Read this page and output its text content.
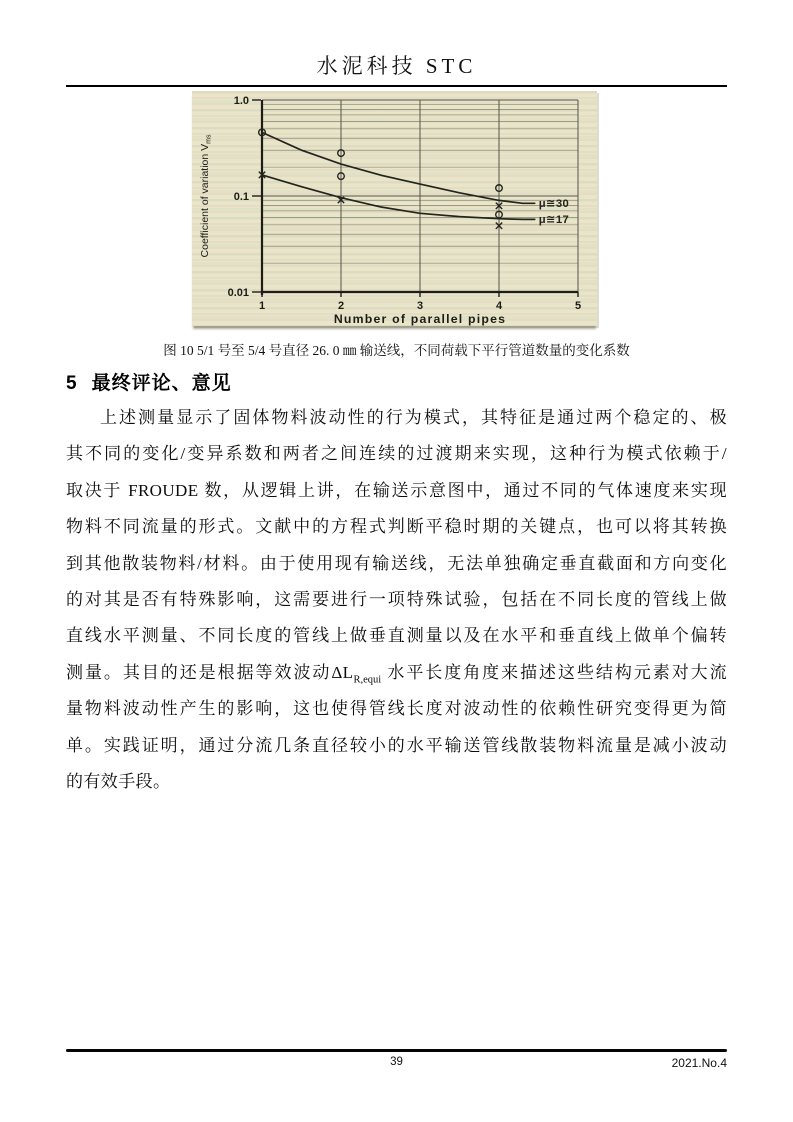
水泥科技 STC
1	2	3	4	5
1.0
0.1
0.01
Coefficient of variation $V_{ms}$
Number of parallel pipes
μ≅30
μ≅17
图 10 5/1 号至 5/4 号直径 26. 0 ㎜ 输送线，不同荷载下平行管道数量的变化系数
5 最终评论、意见
上述测量显示了固体物料波动性的行为模式，其特征是通过两个稳定的、极
其不同的变化/变异系数和两者之间连续的过渡期来实现，这种行为模式依赖于/
取决于 FROUDE 数，从逻辑上讲，在输送示意图中，通过不同的气体速度来实现
物料不同流量的形式。文献中的方程式判断平稳时期的关键点，也可以将其转换
到其他散装物料/材料。由于使用现有输送线，无法单独确定垂直截面和方向变化
的对其是否有特殊影响，这需要进行一项特殊试验，包括在不同长度的管线上做
直线水平测量、不同长度的管线上做垂直测量以及在水平和垂直线上做单个偏转
测量。其目的还是根据等效波动$\Delta L_{R,equi}$ 水平长度角度来描述这些结构元素对大流
量物料波动性产生的影响，这也使得管线长度对波动性的依赖性研究变得更为简
单。实践证明，通过分流几条直径较小的水平输送管线散装物料流量是减小波动
的有效手段。
39	2021.No.4
